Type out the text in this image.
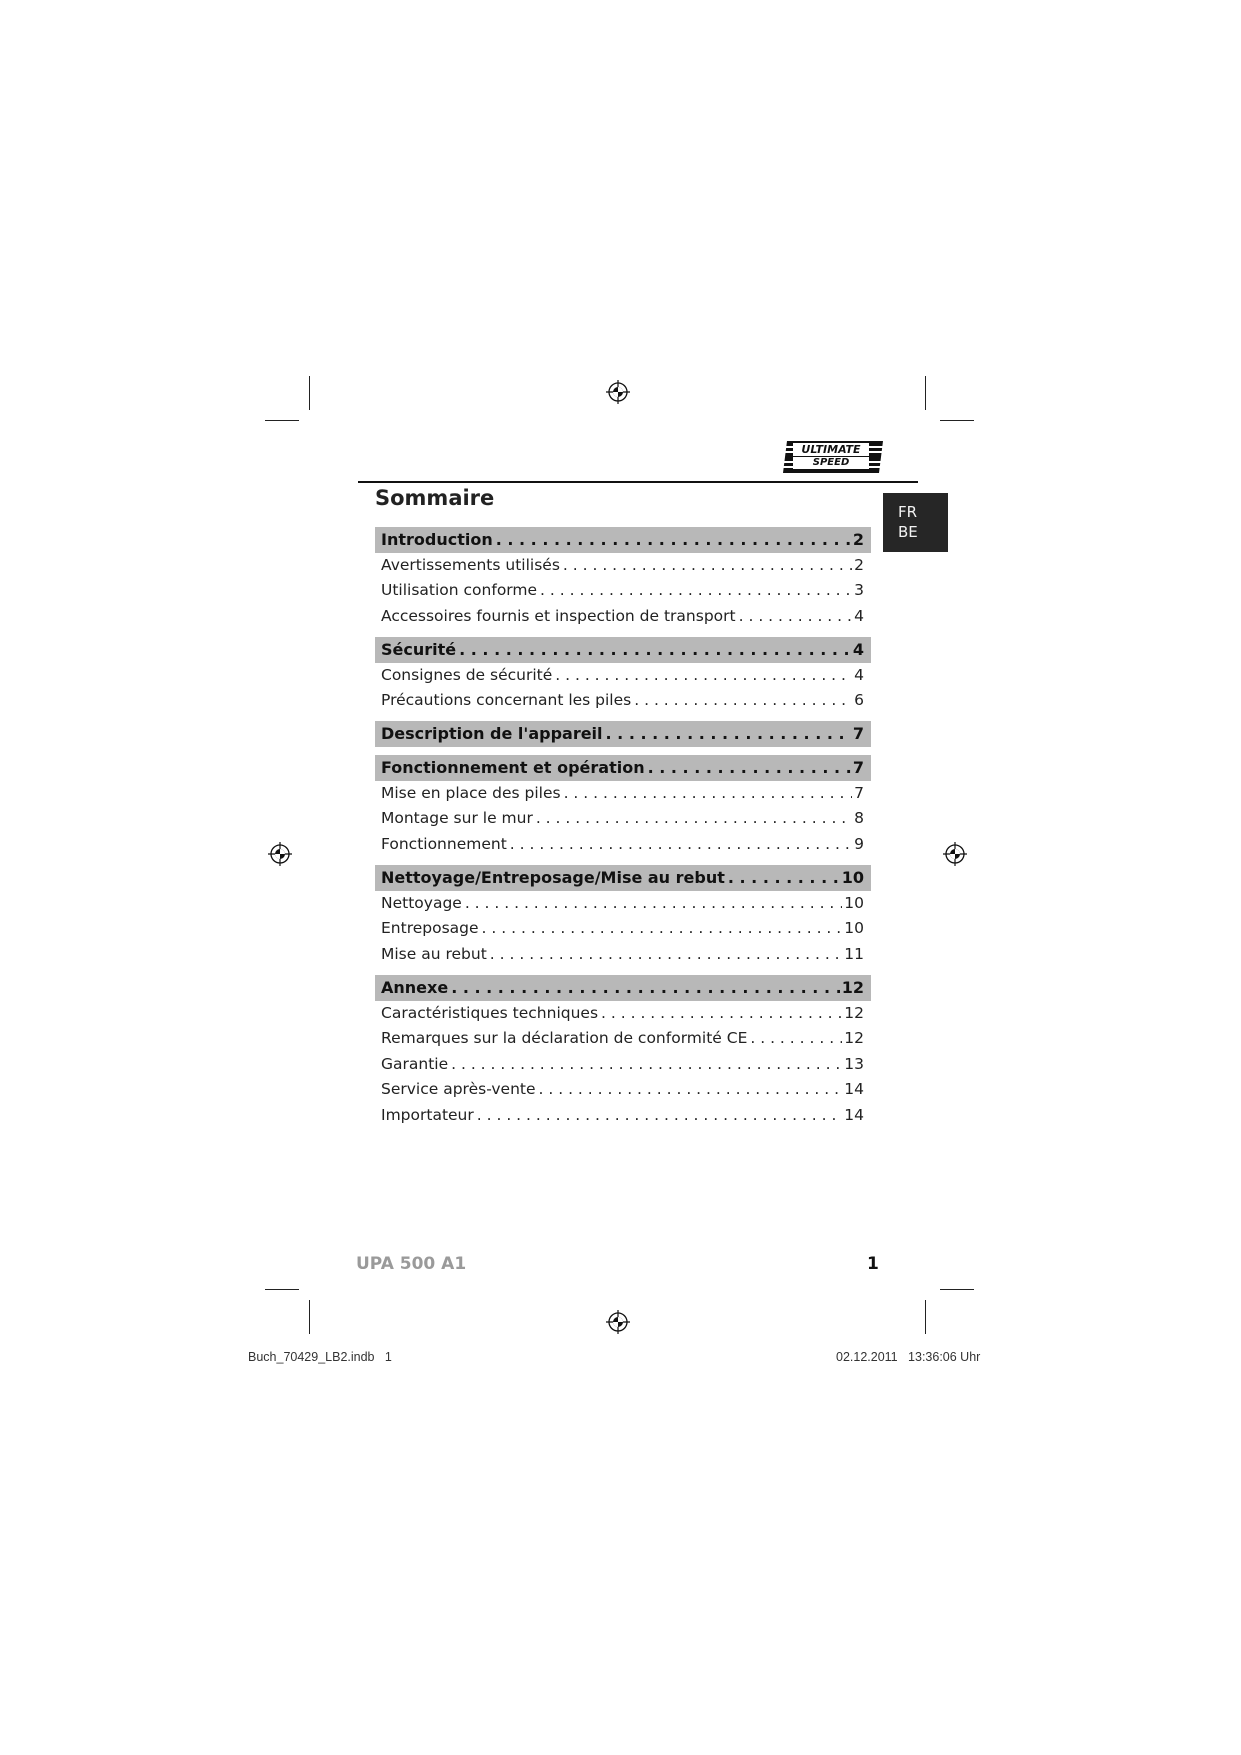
ULTIMATE
SPEED
Sommaire
FR
BE
Introduction . . .	2
Avertissements utilisés . . .	2
Utilisation conforme . . .	3
Accessoires fournis et inspection de transport . . .	4
Sécurité . . .	4
Consignes de sécurité . . .	4
Précautions concernant les piles . . .	6
Description de l'appareil . . .	7
Fonctionnement et opération . . .	7
Mise en place des piles . . .	7
Montage sur le mur . . .	8
Fonctionnement . . .	9
Nettoyage/Entreposage/Mise au rebut . . .	10
Nettoyage . . .	10
Entreposage . . .	10
Mise au rebut . . .	11
Annexe . . .	12
Caractéristiques techniques . . .	12
Remarques sur la déclaration de conformité CE . . .	12
Garantie . . .	13
Service après-vente . . .	14
Importateur . . .	14
UPA 500 A1	1
Buch_70429_LB2.indb   1	02.12.2011   13:36:06 Uhr
